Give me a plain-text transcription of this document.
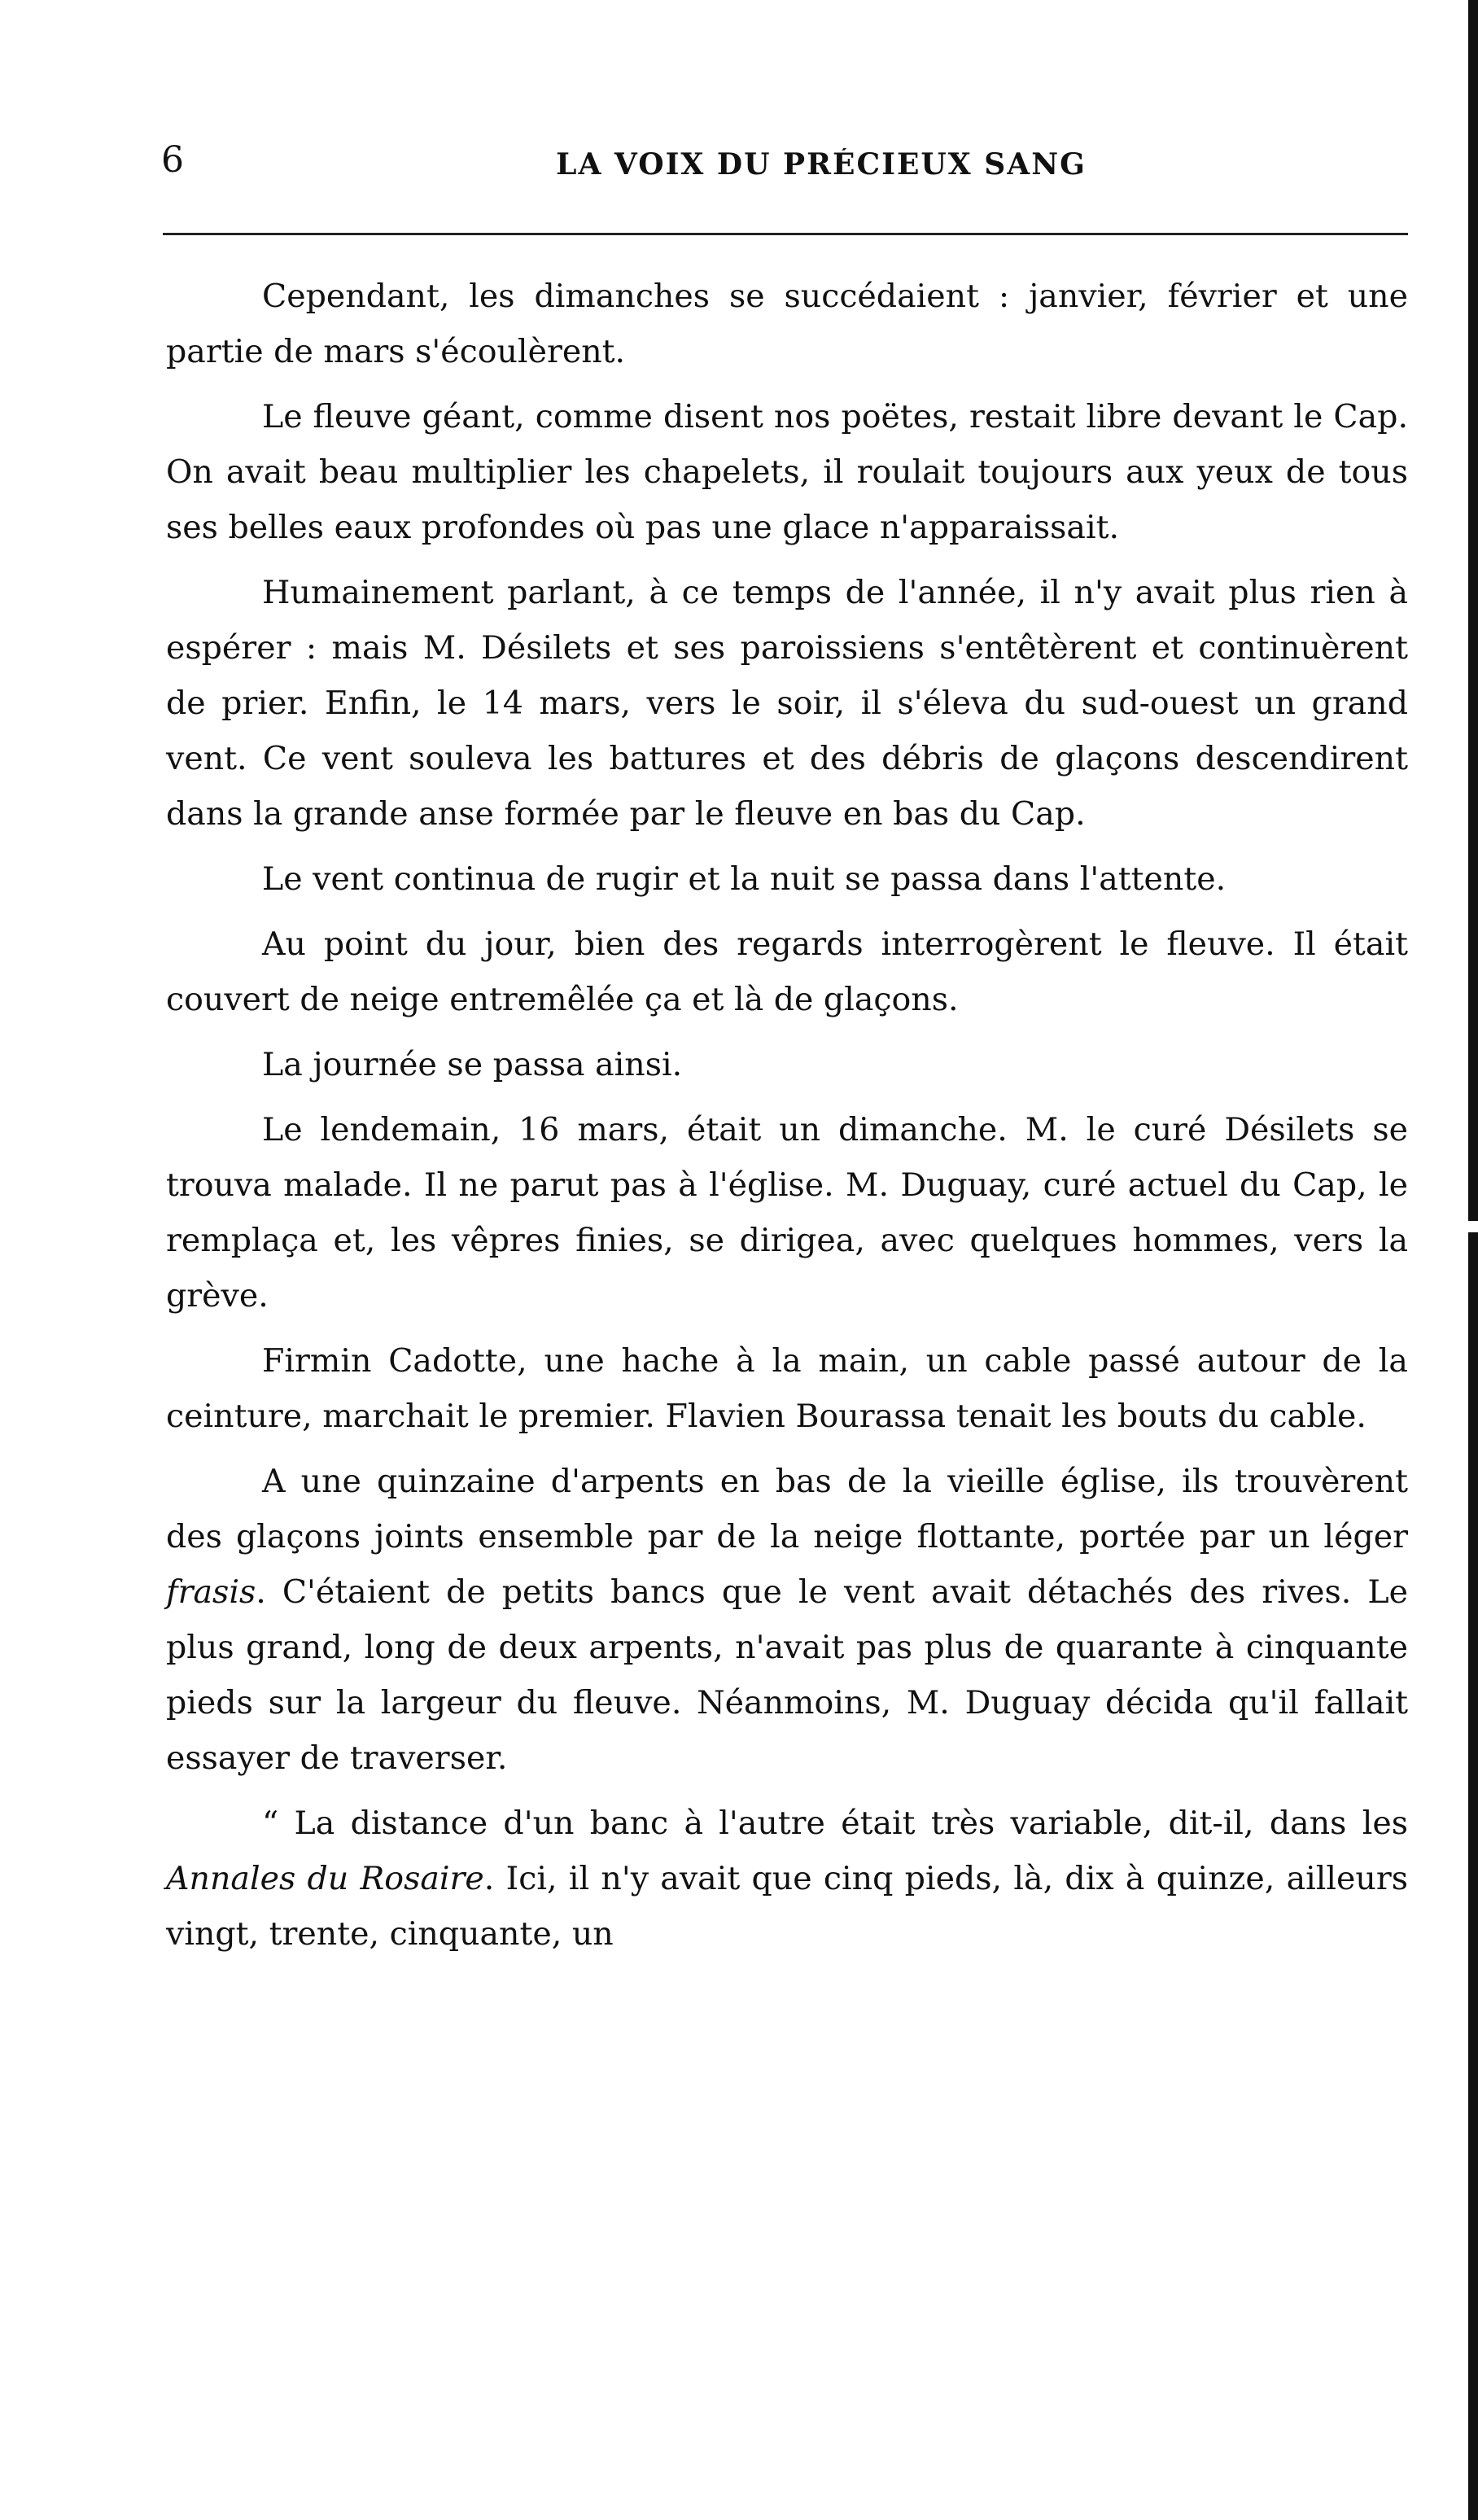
6	LA VOIX DU PRÉCIEUX SANG

Cependant, les dimanches se succédaient : janvier, février et une partie de mars s'écoulèrent.

Le fleuve géant, comme disent nos poëtes, restait libre devant le Cap. On avait beau multiplier les chapelets, il roulait toujours aux yeux de tous ses belles eaux profondes où pas une glace n'apparaissait.

Humainement parlant, à ce temps de l'année, il n'y avait plus rien à espérer : mais M. Désilets et ses paroissiens s'entêtèrent et continuèrent de prier. Enfin, le 14 mars, vers le soir, il s'éleva du sud-ouest un grand vent. Ce vent souleva les battures et des débris de glaçons descendirent dans la grande anse formée par le fleuve en bas du Cap.

Le vent continua de rugir et la nuit se passa dans l'attente.

Au point du jour, bien des regards interrogèrent le fleuve. Il était couvert de neige entremêlée ça et là de glaçons.

La journée se passa ainsi.

Le lendemain, 16 mars, était un dimanche. M. le curé Désilets se trouva malade. Il ne parut pas à l'église. M. Duguay, curé actuel du Cap, le remplaça et, les vêpres finies, se dirigea, avec quelques hommes, vers la grève.

Firmin Cadotte, une hache à la main, un cable passé autour de la ceinture, marchait le premier. Flavien Bourassa tenait les bouts du cable.

A une quinzaine d'arpents en bas de la vieille église, ils trouvèrent des glaçons joints ensemble par de la neige flottante, portée par un léger frasis. C'étaient de petits bancs que le vent avait détachés des rives. Le plus grand, long de deux arpents, n'avait pas plus de quarante à cinquante pieds sur la largeur du fleuve. Néanmoins, M. Duguay décida qu'il fallait essayer de traverser.

“ La distance d'un banc à l'autre était très variable, dit-il, dans les Annales du Rosaire. Ici, il n'y avait que cinq pieds, là, dix à quinze, ailleurs vingt, trente, cinquante, un
